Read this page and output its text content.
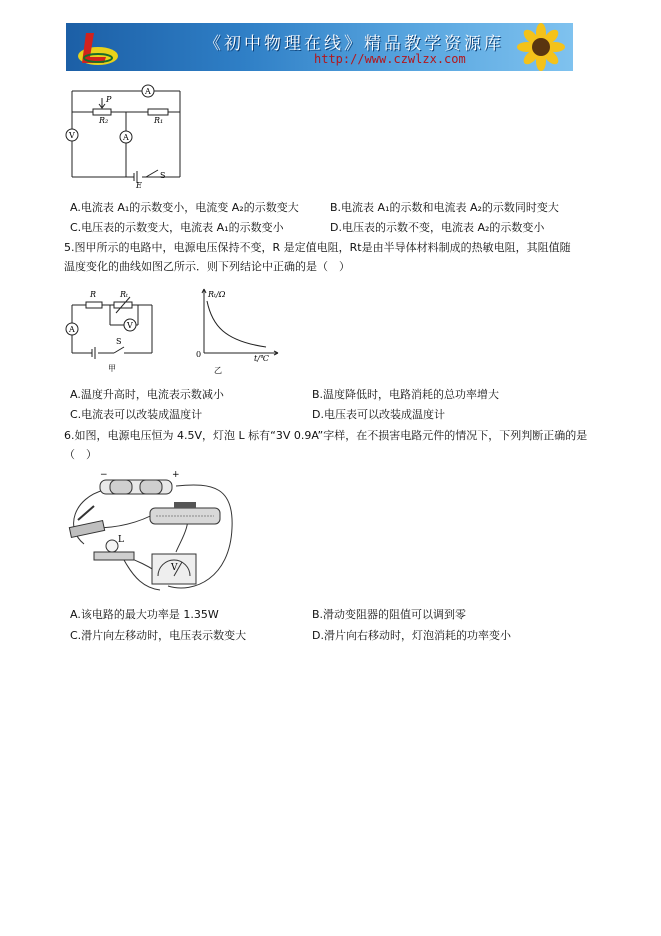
《初中物理在线》精品教学资源库
http://www.czwlzx.com
A
V	A
P
R₂	R₁
E
S
A.电流表 A₁的示数变小，电流变 A₂的示数变大	B.电流表 A₁的示数和电流表 A₂的示数同时变大
C.电压表的示数变大，电流表 A₁的示数变小	D.电压表的示数不变，电流表 A₂的示数变小
5.图甲所示的电路中，电源电压保持不变，R 是定值电阻，Rt是由半导体材料制成的热敏电阻，其阻值随
温度变化的曲线如图乙所示．则下列结论中正确的是（　）
R	Rₜ
A	V
S
甲
Rₜ/Ω
t/℃
0
乙
A.温度升高时，电流表示数减小	B.温度降低时，电路消耗的总功率增大
C.电流表可以改装成温度计	D.电压表可以改装成温度计
6.如图，电源电压恒为 4.5V，灯泡 L 标有“3V 0.9A”字样，在不损害电路元件的情况下，下列判断正确的是
（　）
−	+
L
V
A.该电路的最大功率是 1.35W	B.滑动变阻器的阻值可以调到零
C.滑片向左移动时，电压表示数变大	D.滑片向右移动时，灯泡消耗的功率变小
